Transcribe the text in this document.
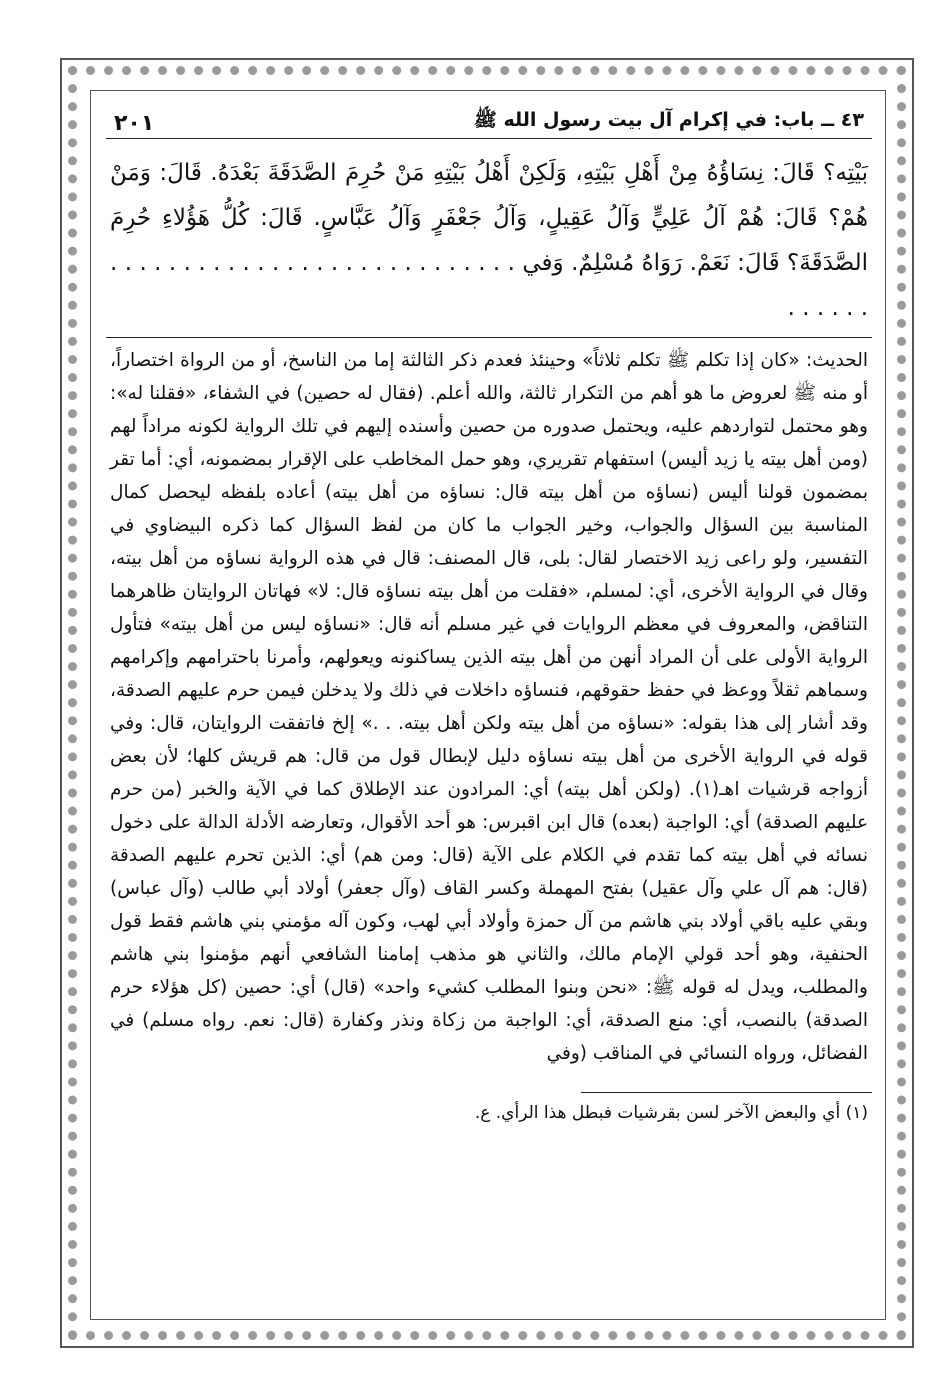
٤٣ ــ باب: في إكرام آل بيت رسول الله ﷺ
٢٠١

بَيْتِه؟ قَالَ: نِسَاؤُهُ مِنْ أَهْلِ بَيْتِهِ، وَلَكِنْ أَهْلُ بَيْتِهِ مَنْ حُرِمَ الصَّدَقَةَ بَعْدَهُ. قَالَ: وَمَنْ هُمْ؟ قَالَ: هُمْ آلُ عَلِيٍّ وَآلُ عَقِيلٍ، وَآلُ جَعْفَرٍ وَآلُ عَبَّاسٍ. قَالَ: كُلُّ هَؤُلاءِ حُرِمَ الصَّدَقَةَ؟ قَالَ: نَعَمْ. رَوَاهُ مُسْلِمٌ. وَفي . . . . . . . . . . . . . . . . . . . . . . . . . . . . . . . . . .

الحديث: «كان إذا تكلم ﷺ تكلم ثلاثاً» وحينئذ فعدم ذكر الثالثة إما من الناسخ، أو من الرواة اختصاراً، أو منه ﷺ لعروض ما هو أهم من التكرار ثالثة، والله أعلم. (فقال له حصين) في الشفاء، «فقلنا له»: وهو محتمل لتواردهم عليه، ويحتمل صدوره من حصين وأسنده إليهم في تلك الرواية لكونه مراداً لهم (ومن أهل بيته يا زيد أليس) استفهام تقريري، وهو حمل المخاطب على الإقرار بمضمونه، أي: أما تقر بمضمون قولنا أليس (نساؤه من أهل بيته قال: نساؤه من أهل بيته) أعاده بلفظه ليحصل كمال المناسبة بين السؤال والجواب، وخير الجواب ما كان من لفظ السؤال كما ذكره البيضاوي في التفسير، ولو راعى زيد الاختصار لقال: بلى، قال المصنف: قال في هذه الرواية نساؤه من أهل بيته، وقال في الرواية الأخرى، أي: لمسلم، «فقلت من أهل بيته نساؤه قال: لا» فهاتان الروايتان ظاهرهما التناقض، والمعروف في معظم الروايات في غير مسلم أنه قال: «نساؤه ليس من أهل بيته» فتأول الرواية الأولى على أن المراد أنهن من أهل بيته الذين يساكنونه ويعولهم، وأمرنا باحترامهم وإكرامهم وسماهم ثقلاً ووعظ في حفظ حقوقهم، فنساؤه داخلات في ذلك ولا يدخلن فيمن حرم عليهم الصدقة، وقد أشار إلى هذا بقوله: «نساؤه من أهل بيته ولكن أهل بيته. . .» إلخ فاتفقت الروايتان، قال: وفي قوله في الرواية الأخرى من أهل بيته نساؤه دليل لإبطال قول من قال: هم قريش كلها؛ لأن بعض أزواجه قرشيات اهـ(١). (ولكن أهل بيته) أي: المرادون عند الإطلاق كما في الآية والخبر (من حرم عليهم الصدقة) أي: الواجبة (بعده) قال ابن اقبرس: هو أحد الأقوال، وتعارضه الأدلة الدالة على دخول نسائه في أهل بيته كما تقدم في الكلام على الآية (قال: ومن هم) أي: الذين تحرم عليهم الصدقة (قال: هم آل علي وآل عقيل) بفتح المهملة وكسر القاف (وآل جعفر) أولاد أبي طالب (وآل عباس) وبقي عليه باقي أولاد بني هاشم من آل حمزة وأولاد أبي لهب، وكون آله مؤمني بني هاشم فقط قول الحنفية، وهو أحد قولي الإمام مالك، والثاني هو مذهب إمامنا الشافعي أنهم مؤمنوا بني هاشم والمطلب، ويدل له قوله ﷺ: «نحن وبنوا المطلب كشيء واحد» (قال) أي: حصين (كل هؤلاء حرم الصدقة) بالنصب، أي: منع الصدقة، أي: الواجبة من زكاة ونذر وكفارة (قال: نعم. رواه مسلم) في الفضائل، ورواه النسائي في المناقب (وفي

(١) أي والبعض الآخر لسن بقرشيات فبطل هذا الرأي. ع.
